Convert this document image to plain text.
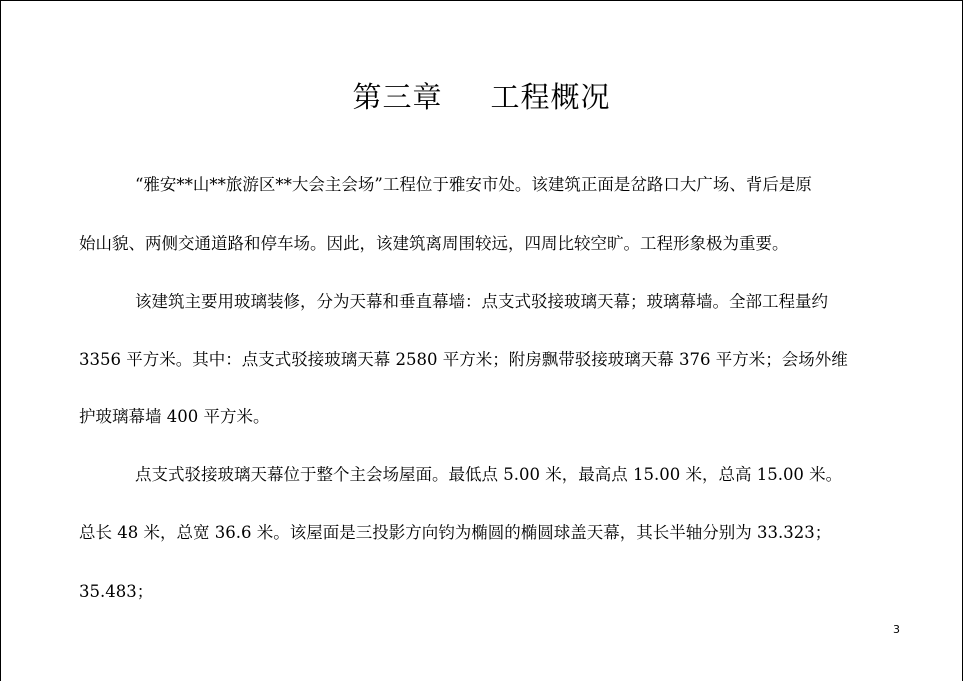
第三章 工程概况
“雅安**山**旅游区**大会主会场”工程位于雅安市处。该建筑正面是岔路口大广场、背后是原
始山貌、两侧交通道路和停车场。因此，该建筑离周围较远，四周比较空旷。工程形象极为重要。
该建筑主要用玻璃装修，分为天幕和垂直幕墙：点支式驳接玻璃天幕；玻璃幕墙。全部工程量约
3356 平方米。其中：点支式驳接玻璃天幕 2580 平方米；附房飘带驳接玻璃天幕 376 平方米；会场外维
护玻璃幕墙 400 平方米。
点支式驳接玻璃天幕位于整个主会场屋面。最低点 5.00 米，最高点 15.00 米，总高 15.00 米。
总长 48 米，总宽 36.6 米。该屋面是三投影方向钧为椭圆的椭圆球盖天幕，其长半轴分别为 33.323；
35.483；
3
